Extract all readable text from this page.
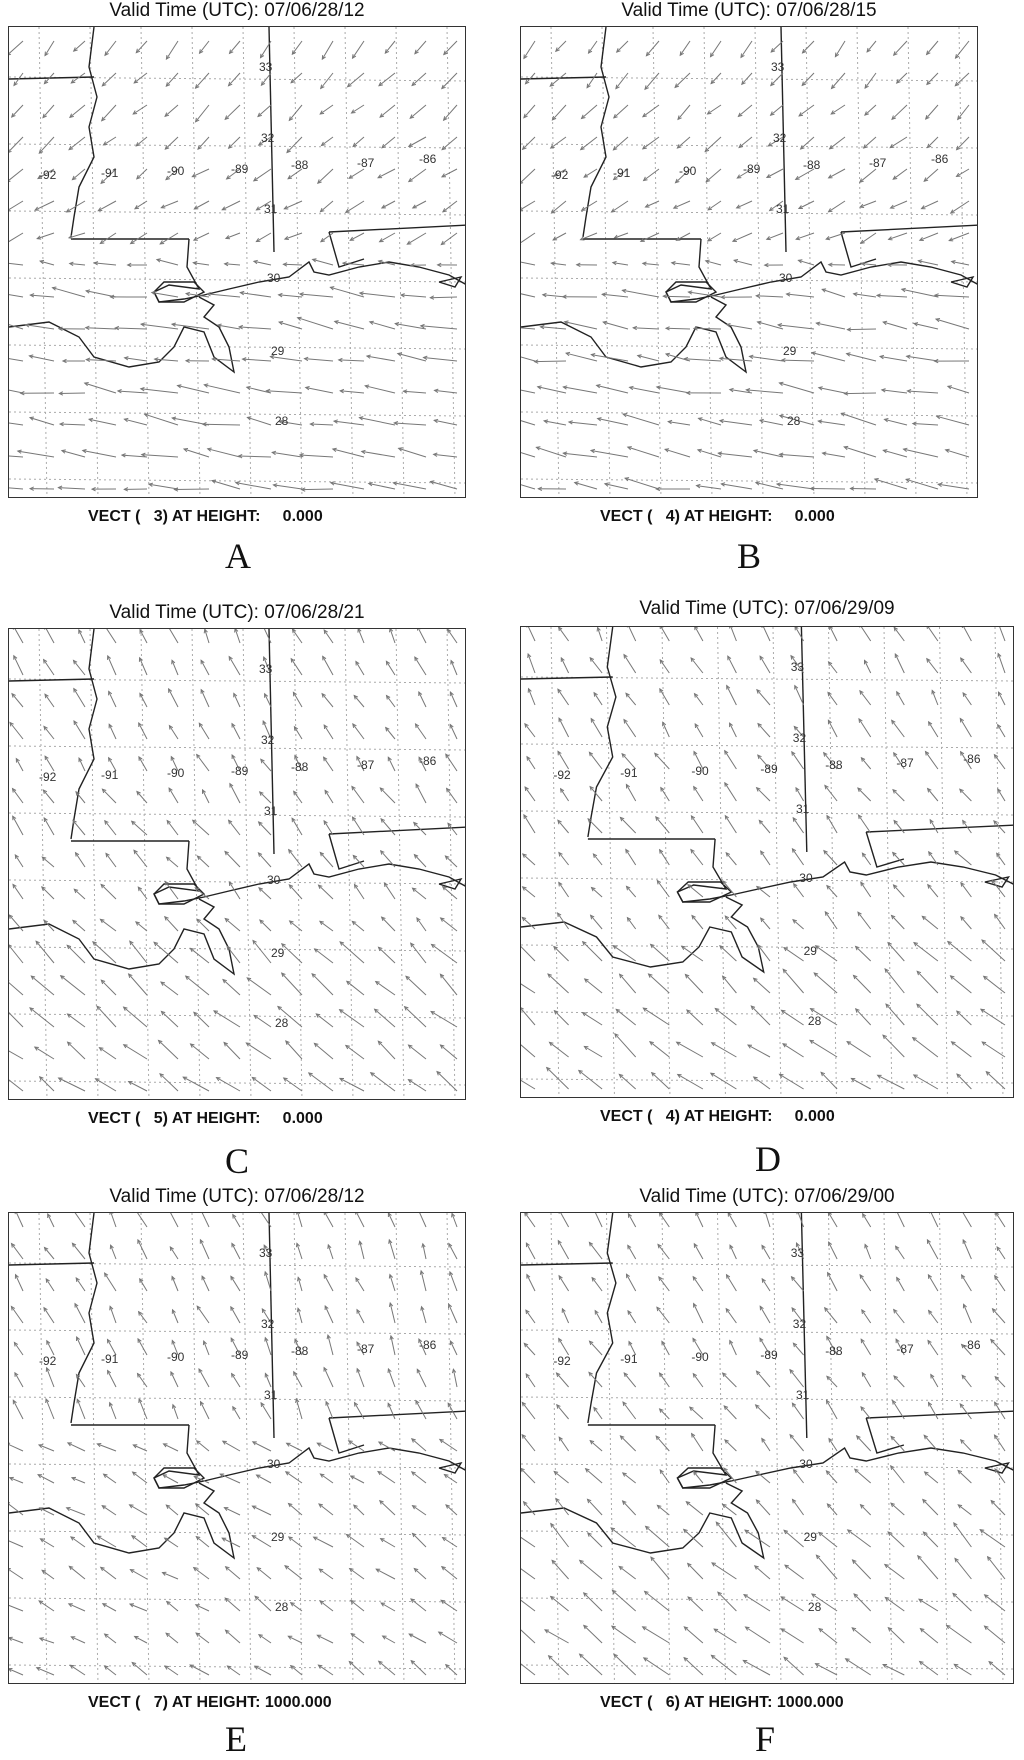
Valid Time (UTC): 07/06/28/12
-92	-91	-90	-89	-88	-87	-86
33
32
31
30
29
28
VECT (   3) AT HEIGHT:     0.000
A
Valid Time (UTC): 07/06/28/15
-92	-91	-90	-89	-88	-87	-86
33
32
31
30
29
28
VECT (   4) AT HEIGHT:     0.000
B
Valid Time (UTC): 07/06/28/21
-92	-91	-90	-89	-88	-87	-86
33
32
31
30
29
28
VECT (   5) AT HEIGHT:     0.000
C
Valid Time (UTC): 07/06/29/09
-92	-91	-90	-89	-88	-87	-86
33
32
31
30
29
28
VECT (   4) AT HEIGHT:     0.000
D
Valid Time (UTC): 07/06/28/12
-92	-91	-90	-89	-88	-87	-86
33
32
31
30
29
28
VECT (   7) AT HEIGHT: 1000.000
E
Valid Time (UTC): 07/06/29/00
-92	-91	-90	-89	-88	-87	-86
33
32
31
30
29
28
VECT (   6) AT HEIGHT: 1000.000
F
